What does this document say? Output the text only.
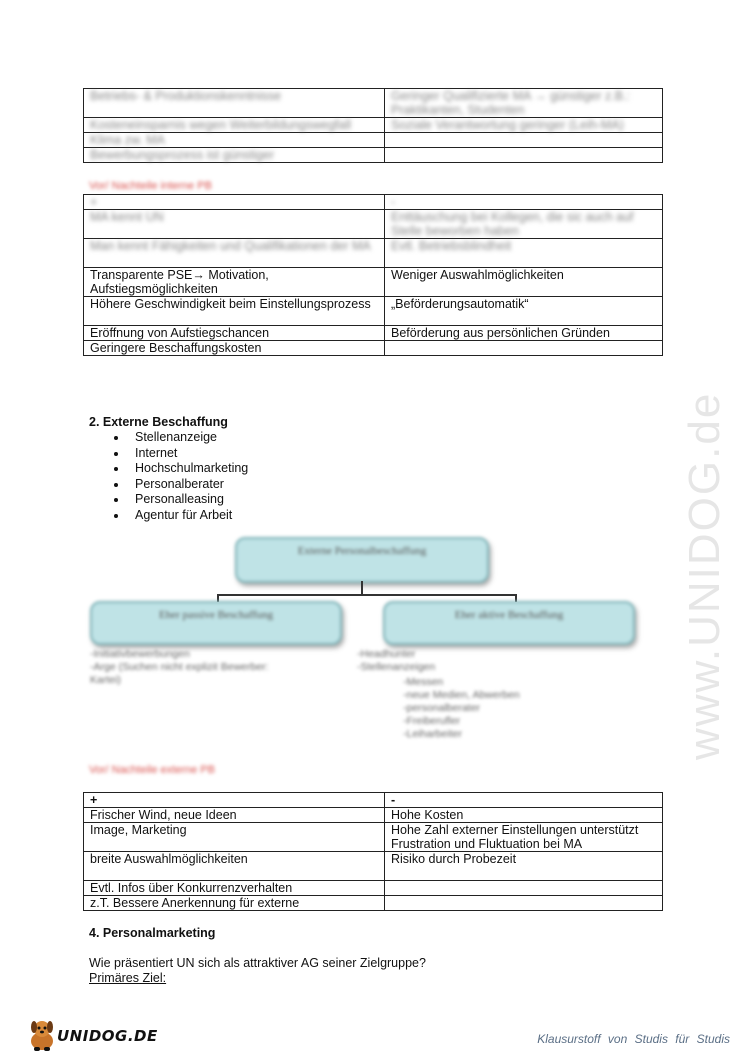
Betriebs- & Produktionskenntnisse	Geringer Qualifizierte MA → günstiger z.B.: Praktikanten, Studenten
Kosteneinsparnis wegen Weiterbildungswegfall	Soziale Verantwortung geringer (Leih-MA)
Klima zw. MA	
Bewerbungsprozess ist günstiger	
Vor/ Nachteile interne PB
+	-
MA kennt UN	Enttäuschung bei Kollegen, die sic auch auf Stelle beworben haben
Man kennt Fähigkeiten und Qualifikationen der MA	Evtl. Betriebsblindheit
Transparente PSE→ Motivation, Aufstiegsmöglichkeiten	Weniger Auswahlmöglichkeiten
Höhere Geschwindigkeit beim Einstellungsprozess	„Beförderungsautomatik“
Eröffnung von Aufstiegschancen	Beförderung aus persönlichen Gründen
Geringere Beschaffungskosten	
2. Externe Beschaffung
Stellenanzeige
Internet
Hochschulmarketing
Personalberater
Personalleasing
Agentur für Arbeit
Externe Personalbeschaffung
Eher passive Beschaffung	Eher aktive Beschaffung
-Initiativbewerbungen
-Arge (Suchen nicht explizit Bewerber:
Kartei)
-Headhunter
-Stellenanzeigen
-Messen
-neue Medien, Abwerben
-personalberater
-Freiberufler
-Leiharbeiter
Vor/ Nachteile externe PB
+	-
Frischer Wind, neue Ideen	Hohe Kosten
Image, Marketing	Hohe Zahl externer Einstellungen unterstützt Frustration und Fluktuation bei MA
breite Auswahlmöglichkeiten	Risiko durch Probezeit
Evtl. Infos über Konkurrenzverhalten	
z.T. Bessere Anerkennung für externe	
4. Personalmarketing
Wie präsentiert UN sich als attraktiver AG seiner Zielgruppe?
Primäres Ziel:
www.UNIDOG.de
UNIDOG.DE	Klausurstoff von Studis für Studis
